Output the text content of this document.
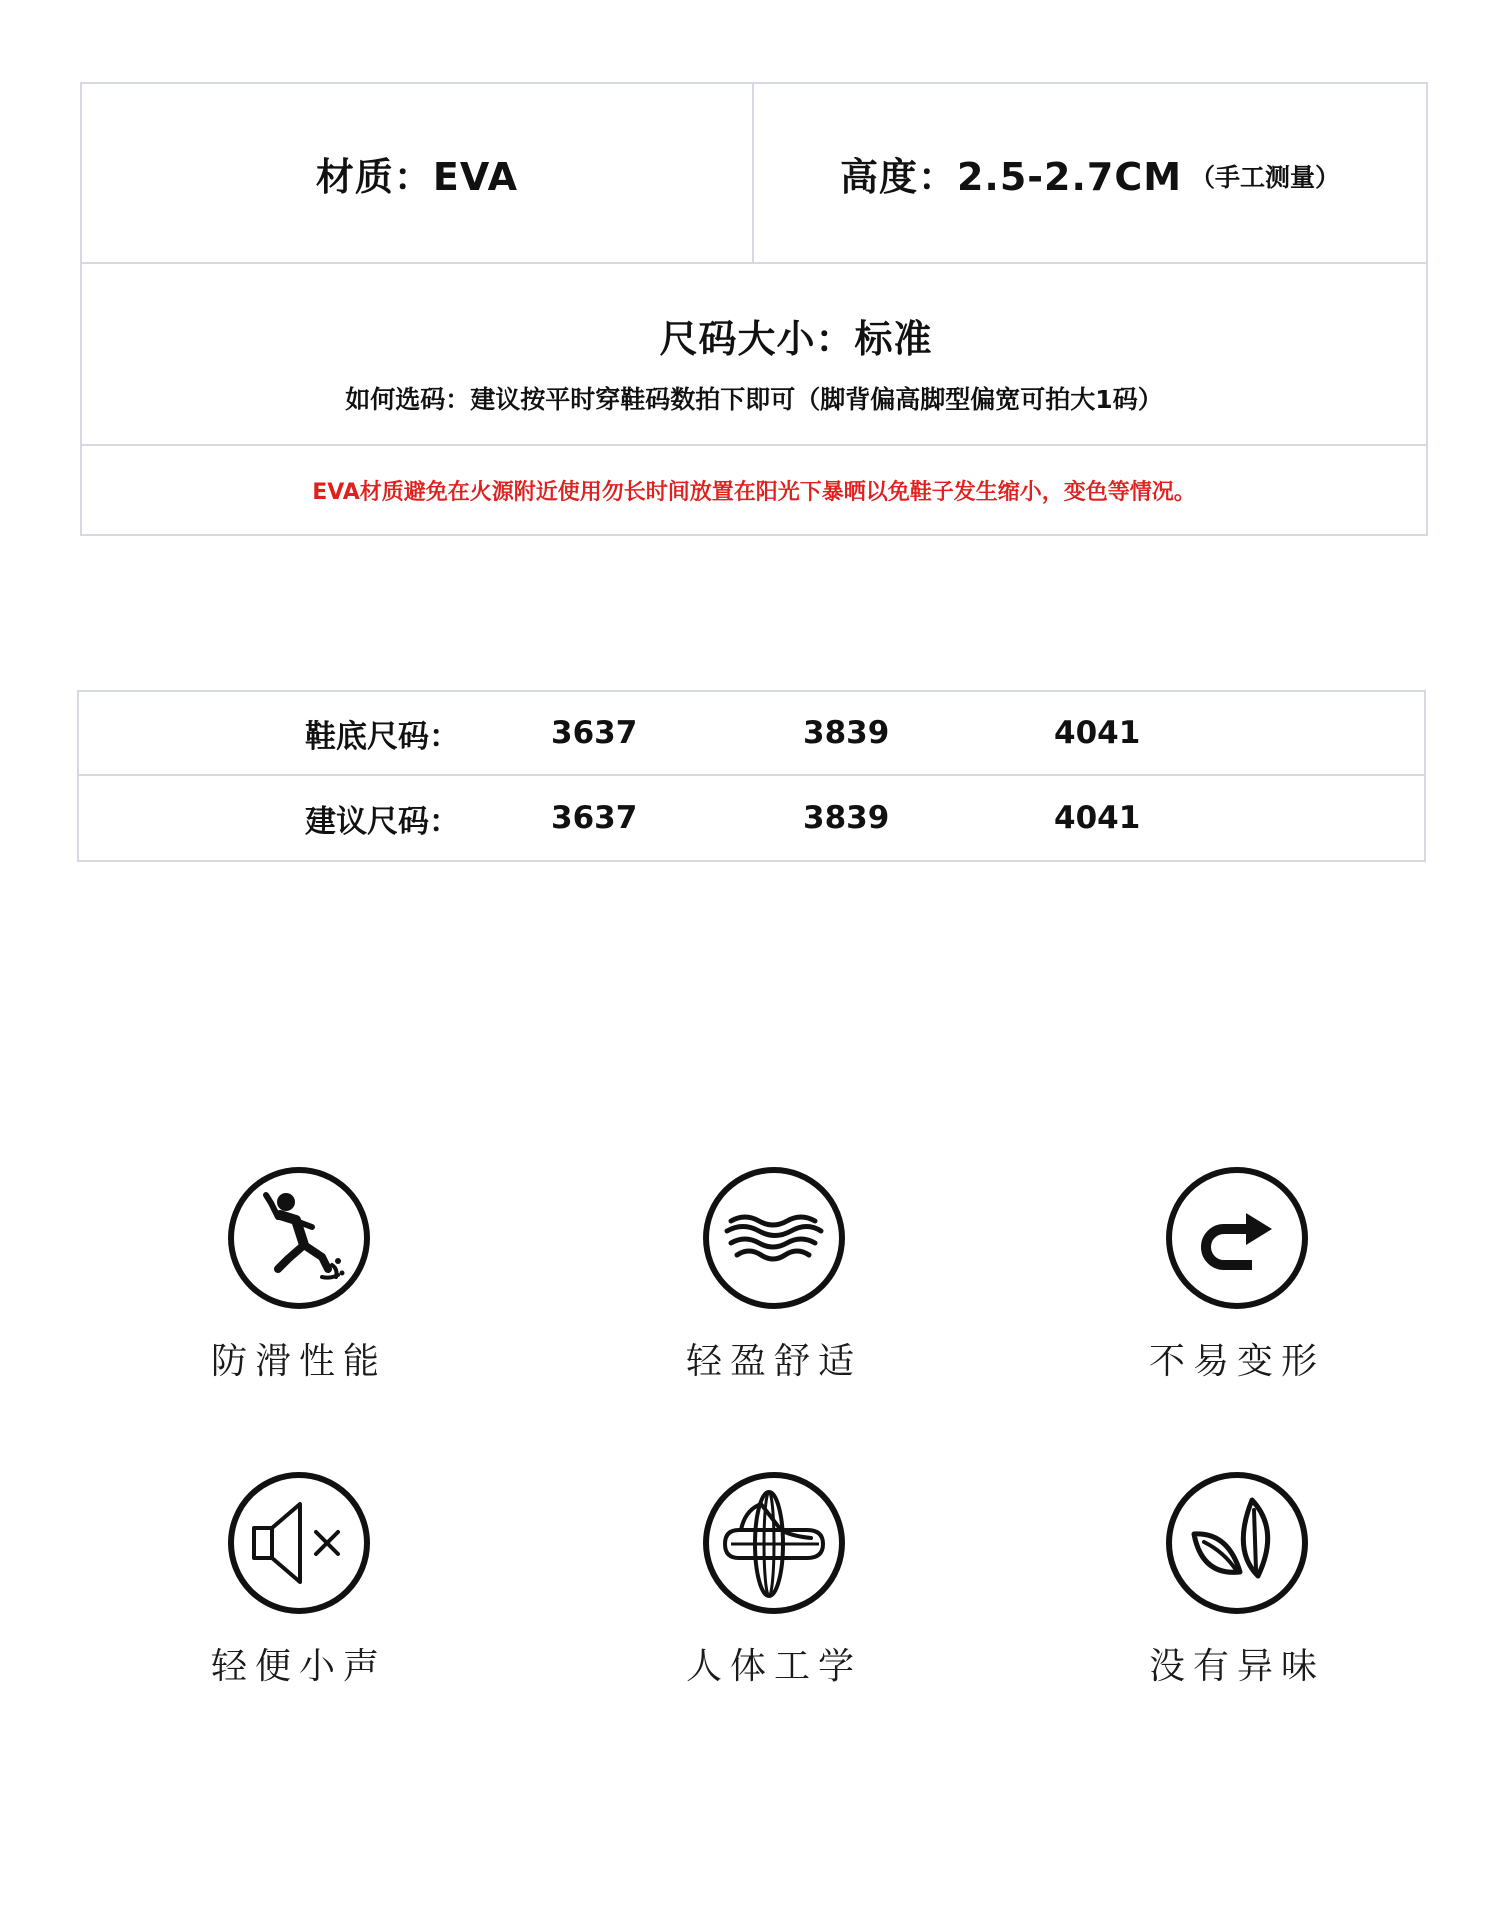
材质：EVA	高度：2.5-2.7CM （手工测量）
尺码大小：标准
如何选码：建议按平时穿鞋码数拍下即可（脚背偏高脚型偏宽可拍大1码）
EVA材质避免在火源附近使用勿长时间放置在阳光下暴晒以免鞋子发生缩小，变色等情况。
鞋底尺码：	3637	3839	4041
建议尺码：	3637	3839	4041
防滑性能	轻盈舒适	不易变形
轻便小声	人体工学	没有异味
